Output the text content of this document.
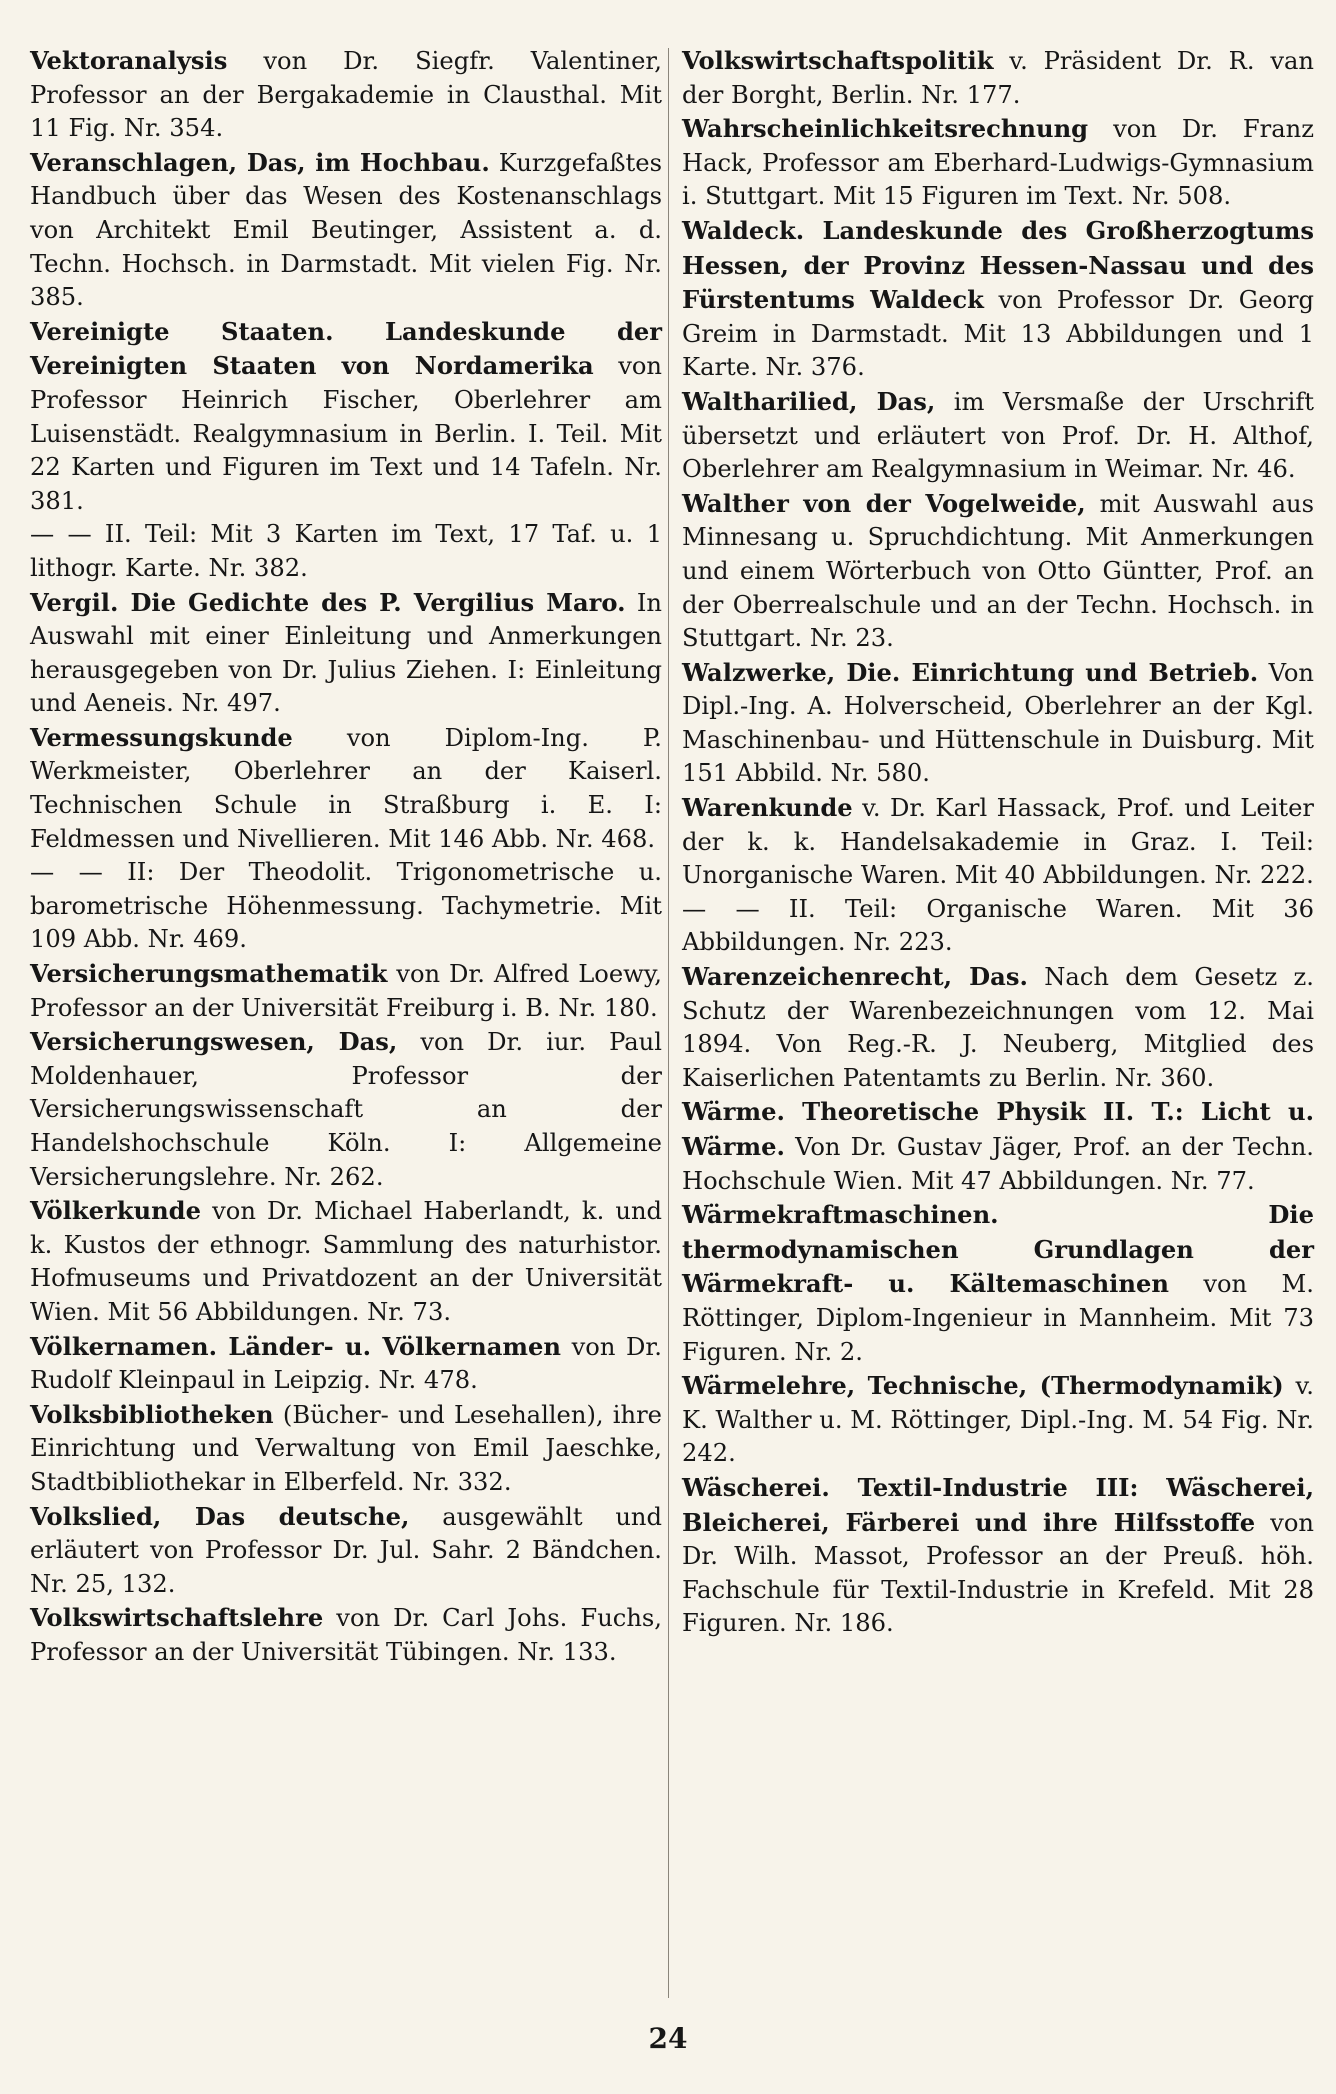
Vektoranalysis von Dr. Siegfr. Valentiner, Professor an der Bergakademie in Clausthal. Mit 11 Fig. Nr. 354.

Veranschlagen, Das, im Hochbau. Kurzgefaßtes Handbuch über das Wesen des Kostenanschlags von Architekt Emil Beutinger, Assistent a. d. Techn. Hochsch. in Darmstadt. Mit vielen Fig. Nr. 385.

Vereinigte Staaten. Landeskunde der Vereinigten Staaten von Nordamerika von Professor Heinrich Fischer, Oberlehrer am Luisenstädt. Realgymnasium in Berlin. I. Teil. Mit 22 Karten und Figuren im Text und 14 Tafeln. Nr. 381.

— — II. Teil: Mit 3 Karten im Text, 17 Taf. u. 1 lithogr. Karte. Nr. 382.

Vergil. Die Gedichte des P. Vergilius Maro. In Auswahl mit einer Einleitung und Anmerkungen herausgegeben von Dr. Julius Ziehen. I: Einleitung und Aeneis. Nr. 497.

Vermessungskunde von Diplom-Ing. P. Werkmeister, Oberlehrer an der Kaiserl. Technischen Schule in Straßburg i. E. I: Feldmessen und Nivellieren. Mit 146 Abb. Nr. 468.

— — II: Der Theodolit. Trigonometrische u. barometrische Höhenmessung. Tachymetrie. Mit 109 Abb. Nr. 469.

Versicherungsmathematik von Dr. Alfred Loewy, Professor an der Universität Freiburg i. B. Nr. 180.

Versicherungswesen, Das, von Dr. iur. Paul Moldenhauer, Professor der Versicherungswissenschaft an der Handelshochschule Köln. I: Allgemeine Versicherungslehre. Nr. 262.

Völkerkunde von Dr. Michael Haberlandt, k. und k. Kustos der ethnogr. Sammlung des naturhistor. Hofmuseums und Privatdozent an der Universität Wien. Mit 56 Abbildungen. Nr. 73.

Völkernamen. Länder- u. Völkernamen von Dr. Rudolf Kleinpaul in Leipzig. Nr. 478.

Volksbibliotheken (Bücher- und Lesehallen), ihre Einrichtung und Verwaltung von Emil Jaeschke, Stadtbibliothekar in Elberfeld. Nr. 332.

Volkslied, Das deutsche, ausgewählt und erläutert von Professor Dr. Jul. Sahr. 2 Bändchen. Nr. 25, 132.

Volkswirtschaftslehre von Dr. Carl Johs. Fuchs, Professor an der Universität Tübingen. Nr. 133.

Volkswirtschaftspolitik v. Präsident Dr. R. van der Borght, Berlin. Nr. 177.

Wahrscheinlichkeitsrechnung von Dr. Franz Hack, Professor am Eberhard-Ludwigs-Gymnasium i. Stuttgart. Mit 15 Figuren im Text. Nr. 508.

Waldeck. Landeskunde des Großherzogtums Hessen, der Provinz Hessen-Nassau und des Fürstentums Waldeck von Professor Dr. Georg Greim in Darmstadt. Mit 13 Abbildungen und 1 Karte. Nr. 376.

Waltharilied, Das, im Versmaße der Urschrift übersetzt und erläutert von Prof. Dr. H. Althof, Oberlehrer am Realgymnasium in Weimar. Nr. 46.

Walther von der Vogelweide, mit Auswahl aus Minnesang u. Spruchdichtung. Mit Anmerkungen und einem Wörterbuch von Otto Güntter, Prof. an der Oberrealschule und an der Techn. Hochsch. in Stuttgart. Nr. 23.

Walzwerke, Die. Einrichtung und Betrieb. Von Dipl.-Ing. A. Holverscheid, Oberlehrer an der Kgl. Maschinenbau- und Hüttenschule in Duisburg. Mit 151 Abbild. Nr. 580.

Warenkunde v. Dr. Karl Hassack, Prof. und Leiter der k. k. Handelsakademie in Graz. I. Teil: Unorganische Waren. Mit 40 Abbildungen. Nr. 222.

— — II. Teil: Organische Waren. Mit 36 Abbildungen. Nr. 223.

Warenzeichenrecht, Das. Nach dem Gesetz z. Schutz der Warenbezeichnungen vom 12. Mai 1894. Von Reg.-R. J. Neuberg, Mitglied des Kaiserlichen Patentamts zu Berlin. Nr. 360.

Wärme. Theoretische Physik II. T.: Licht u. Wärme. Von Dr. Gustav Jäger, Prof. an der Techn. Hochschule Wien. Mit 47 Abbildungen. Nr. 77.

Wärmekraftmaschinen. Die thermodynamischen Grundlagen der Wärmekraft- u. Kältemaschinen von M. Röttinger, Diplom-Ingenieur in Mannheim. Mit 73 Figuren. Nr. 2.

Wärmelehre, Technische, (Thermodynamik) v. K. Walther u. M. Röttinger, Dipl.-Ing. M. 54 Fig. Nr. 242.

Wäscherei. Textil-Industrie III: Wäscherei, Bleicherei, Färberei und ihre Hilfsstoffe von Dr. Wilh. Massot, Professor an der Preuß. höh. Fachschule für Textil-Industrie in Krefeld. Mit 28 Figuren. Nr. 186.

24
